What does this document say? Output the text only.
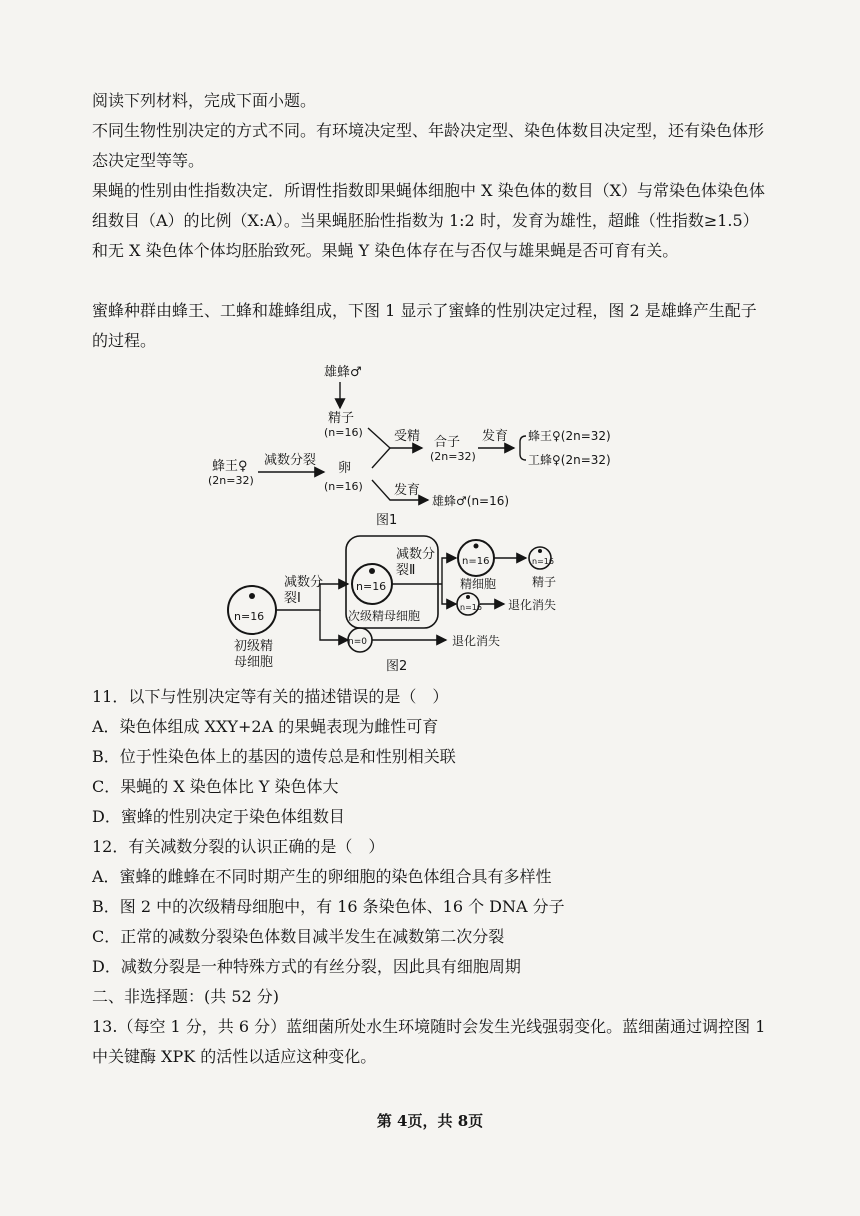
阅读下列材料，完成下面小题。

不同生物性别决定的方式不同。有环境决定型、年龄决定型、染色体数目决定型，还有染色体形态决定型等等。

果蝇的性别由性指数决定．所谓性指数即果蝇体细胞中 X 染色体的数目（X）与常染色体染色体组数目（A）的比例（X:A）。当果蝇胚胎性指数为 1:2 时，发育为雄性，超雌（性指数≥1.5）和无 X 染色体个体均胚胎致死。果蝇 Y 染色体存在与否仅与雄果蝇是否可育有关。

蜜蜂种群由蜂王、工蜂和雄蜂组成，下图 1 显示了蜜蜂的性别决定过程，图 2 是雄蜂产生配子的过程。

雄蜂♂
精子
(n=16)
蜂王♀
(2n=32)
减数分裂
卵
(n=16)
受精 合子
(2n=32)
发育 蜂王♀(2n=32)
工蜂♀(2n=32)
发育
雄蜂♂(n=16)
图1
n=16
初级精
母细胞
减数分
裂Ⅰ
n=16
次级精母细胞
减数分
裂Ⅱ
n=16
精细胞
n=16
精子
n=16 退化消失
n=0	退化消失
图2

11．以下与性别决定等有关的描述错误的是（　）

A．染色体组成 XXY+2A 的果蝇表现为雌性可育

B．位于性染色体上的基因的遗传总是和性别相关联

C．果蝇的 X 染色体比 Y 染色体大

D．蜜蜂的性别决定于染色体组数目

12．有关减数分裂的认识正确的是（　）

A．蜜蜂的雌蜂在不同时期产生的卵细胞的染色体组合具有多样性

B．图 2 中的次级精母细胞中，有 16 条染色体、16 个 DNA 分子

C．正常的减数分裂染色体数目减半发生在减数第二次分裂

D．减数分裂是一种特殊方式的有丝分裂，因此具有细胞周期

二、非选择题：(共 52 分)

13.（每空 1 分，共 6 分）蓝细菌所处水生环境随时会发生光线强弱变化。蓝细菌通过调控图 1 中关键酶 XPK 的活性以适应这种变化。

第 4页，共 8页
